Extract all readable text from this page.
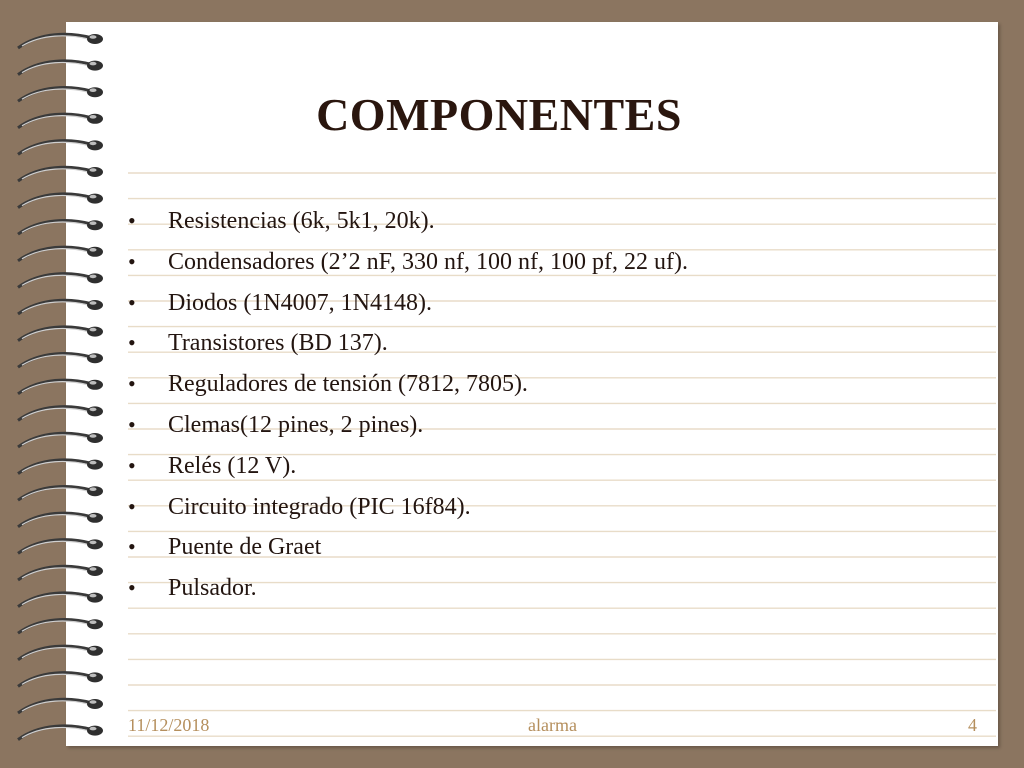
COMPONENTES
• Resistencias (6k, 5k1, 20k).
• Condensadores (2’2 nF, 330 nf, 100 nf, 100 pf, 22 uf).
• Diodos (1N4007, 1N4148).
• Transistores (BD 137).
• Reguladores de tensión (7812, 7805).
• Clemas(12 pines, 2 pines).
• Relés (12 V).
• Circuito integrado (PIC 16f84).
• Puente de Graet
• Pulsador.
11/12/2018	alarma	4
